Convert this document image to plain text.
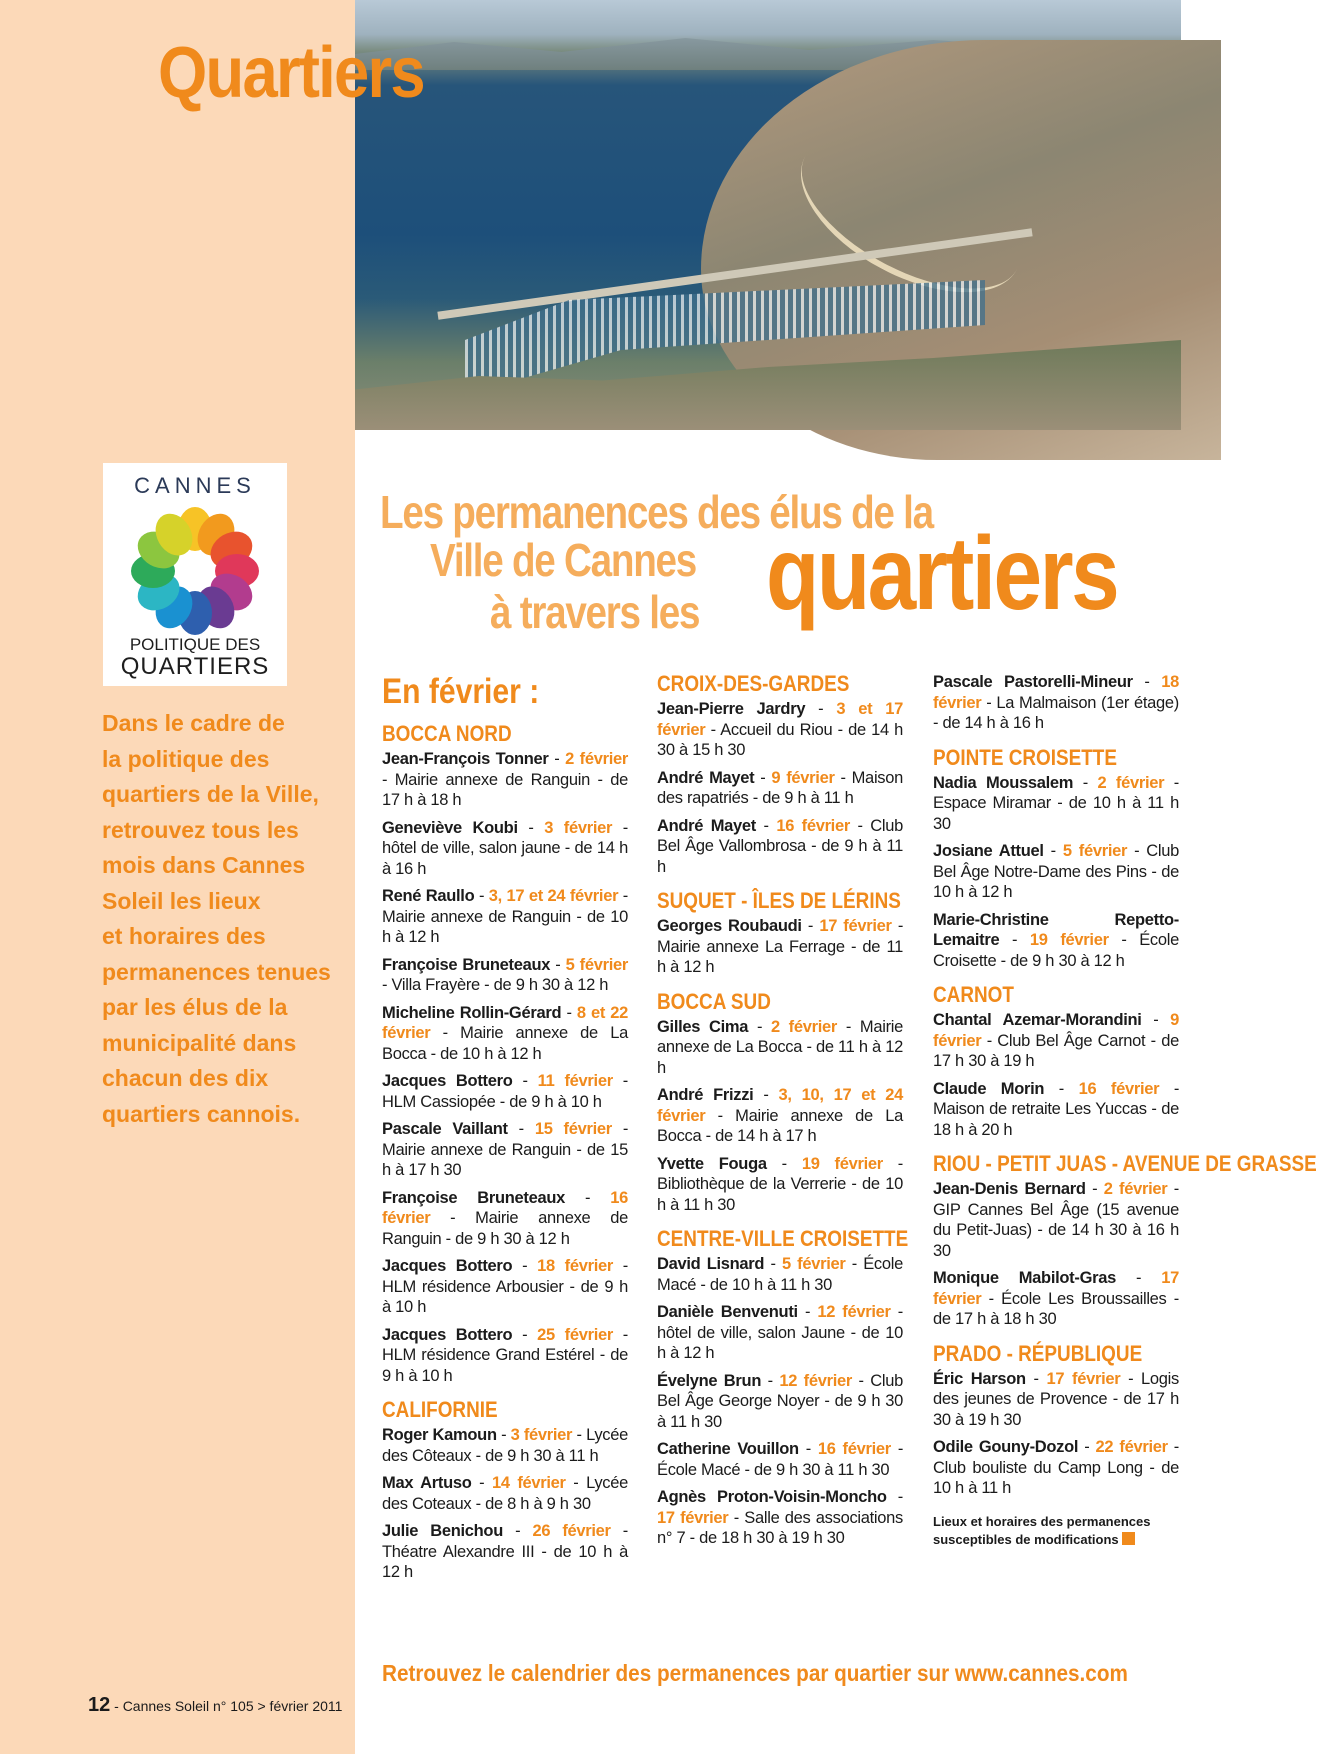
Quartiers
CANNES
POLITIQUE DES
QUARTIERS
Dans le cadre de
la politique des
quartiers de la Ville,
retrouvez tous les
mois dans Cannes
Soleil les lieux
et horaires des
permanences tenues
par les élus de la
municipalité dans
chacun des dix
quartiers cannois.
Les permanences des élus de la
Ville de Cannes
à travers les quartiers
En février :
BOCCA NORD
Jean-François Tonner - 2 février - Mairie annexe de Ranguin - de 17 h à 18 h
Geneviève Koubi - 3 février - hôtel de ville, salon jaune - de 14 h à 16 h
René Raullo - 3, 17 et 24 février - Mairie annexe de Ranguin - de 10 h à 12 h
Françoise Bruneteaux - 5 février - Villa Frayère - de 9 h 30 à 12 h
Micheline Rollin-Gérard - 8 et 22 février - Mairie annexe de La Bocca - de 10 h à 12 h
Jacques Bottero - 11 février - HLM Cassiopée - de 9 h à 10 h
Pascale Vaillant - 15 février - Mairie annexe de Ranguin - de 15 h à 17 h 30
Françoise Bruneteaux - 16 février - Mairie annexe de Ranguin - de 9 h 30 à 12 h
Jacques Bottero - 18 février - HLM résidence Arbousier - de 9 h à 10 h
Jacques Bottero - 25 février - HLM résidence Grand Estérel - de 9 h à 10 h
CALIFORNIE
Roger Kamoun - 3 février - Lycée des Côteaux - de 9 h 30 à 11 h
Max Artuso - 14 février - Lycée des Coteaux - de 8 h à 9 h 30
Julie Benichou - 26 février - Théatre Alexandre III - de 10 h à 12 h
CROIX-DES-GARDES
Jean-Pierre Jardry - 3 et 17 février - Accueil du Riou - de 14 h 30 à 15 h 30
André Mayet - 9 février - Maison des rapatriés - de 9 h à 11 h
André Mayet - 16 février - Club Bel Âge Vallombrosa - de 9 h à 11 h
SUQUET - ÎLES DE LÉRINS
Georges Roubaudi - 17 février - Mairie annexe La Ferrage - de 11 h à 12 h
BOCCA SUD
Gilles Cima - 2 février - Mairie annexe de La Bocca - de 11 h à 12 h
André Frizzi - 3, 10, 17 et 24 février - Mairie annexe de La Bocca - de 14 h à 17 h
Yvette Fouga - 19 février - Bibliothèque de la Verrerie - de 10 h à 11 h 30
CENTRE-VILLE CROISETTE
David Lisnard - 5 février - École Macé - de 10 h à 11 h 30
Danièle Benvenuti - 12 février - hôtel de ville, salon Jaune - de 10 h à 12 h
Évelyne Brun - 12 février - Club Bel Âge George Noyer - de 9 h 30 à 11 h 30
Catherine Vouillon - 16 février - École Macé - de 9 h 30 à 11 h 30
Agnès Proton-Voisin-Moncho - 17 février - Salle des associations n° 7 - de 18 h 30 à 19 h 30
Pascale Pastorelli-Mineur - 18 février - La Malmaison (1er étage) - de 14 h à 16 h
POINTE CROISETTE
Nadia Moussalem - 2 février - Espace Miramar - de 10 h à 11 h 30
Josiane Attuel - 5 février - Club Bel Âge Notre-Dame des Pins - de 10 h à 12 h
Marie-Christine Repetto-Lemaitre - 19 février - École Croisette - de 9 h 30 à 12 h
CARNOT
Chantal Azemar-Morandini - 9 février - Club Bel Âge Carnot - de 17 h 30 à 19 h
Claude Morin - 16 février - Maison de retraite Les Yuccas - de 18 h à 20 h
RIOU - PETIT JUAS - AVENUE DE GRASSE
Jean-Denis Bernard - 2 février - GIP Cannes Bel Âge (15 avenue du Petit-Juas) - de 14 h 30 à 16 h 30
Monique Mabilot-Gras - 17 février - École Les Broussailles - de 17 h à 18 h 30
PRADO - RÉPUBLIQUE
Éric Harson - 17 février - Logis des jeunes de Provence - de 17 h 30 à 19 h 30
Odile Gouny-Dozol - 22 février - Club bouliste du Camp Long - de 10 h à 11 h
Lieux et horaires des permanences susceptibles de modifications
Retrouvez le calendrier des permanences par quartier sur www.cannes.com
12 - Cannes Soleil n° 105 > février 2011
